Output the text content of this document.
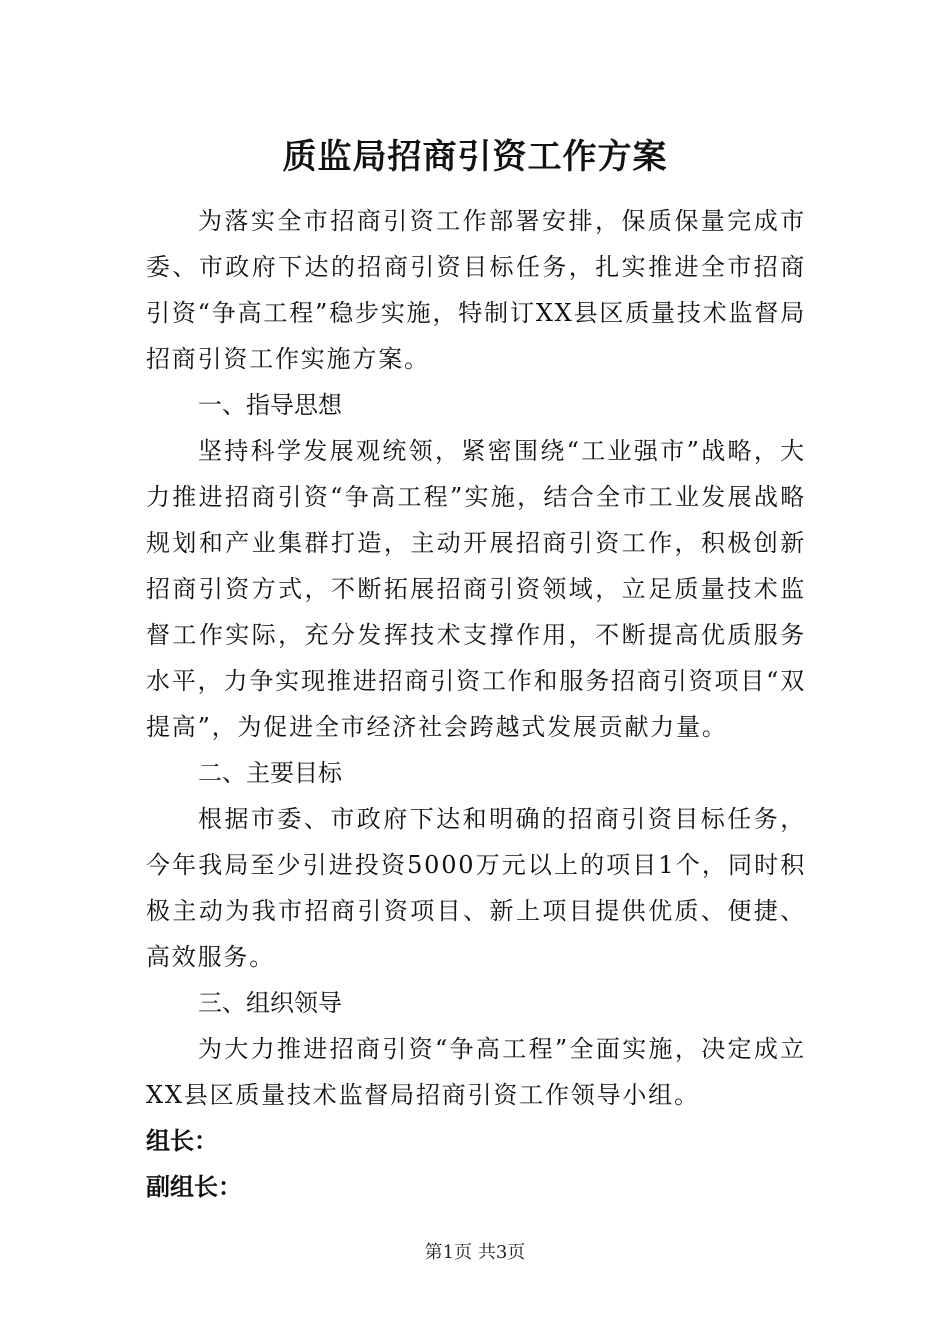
质监局招商引资工作方案

为落实全市招商引资工作部署安排，保质保量完成市委、市政府下达的招商引资目标任务，扎实推进全市招商引资“争高工程”稳步实施，特制订XX县区质量技术监督局招商引资工作实施方案。

一、指导思想

坚持科学发展观统领，紧密围绕“工业强市”战略，大力推进招商引资“争高工程”实施，结合全市工业发展战略规划和产业集群打造，主动开展招商引资工作，积极创新招商引资方式，不断拓展招商引资领域，立足质量技术监督工作实际，充分发挥技术支撑作用，不断提高优质服务水平，力争实现推进招商引资工作和服务招商引资项目“双提高”，为促进全市经济社会跨越式发展贡献力量。

二、主要目标

根据市委、市政府下达和明确的招商引资目标任务，今年我局至少引进投资5000万元以上的项目1个，同时积极主动为我市招商引资项目、新上项目提供优质、便捷、高效服务。

三、组织领导

为大力推进招商引资“争高工程”全面实施，决定成立XX县区质量技术监督局招商引资工作领导小组。

组长：

副组长：

第1页 共3页
